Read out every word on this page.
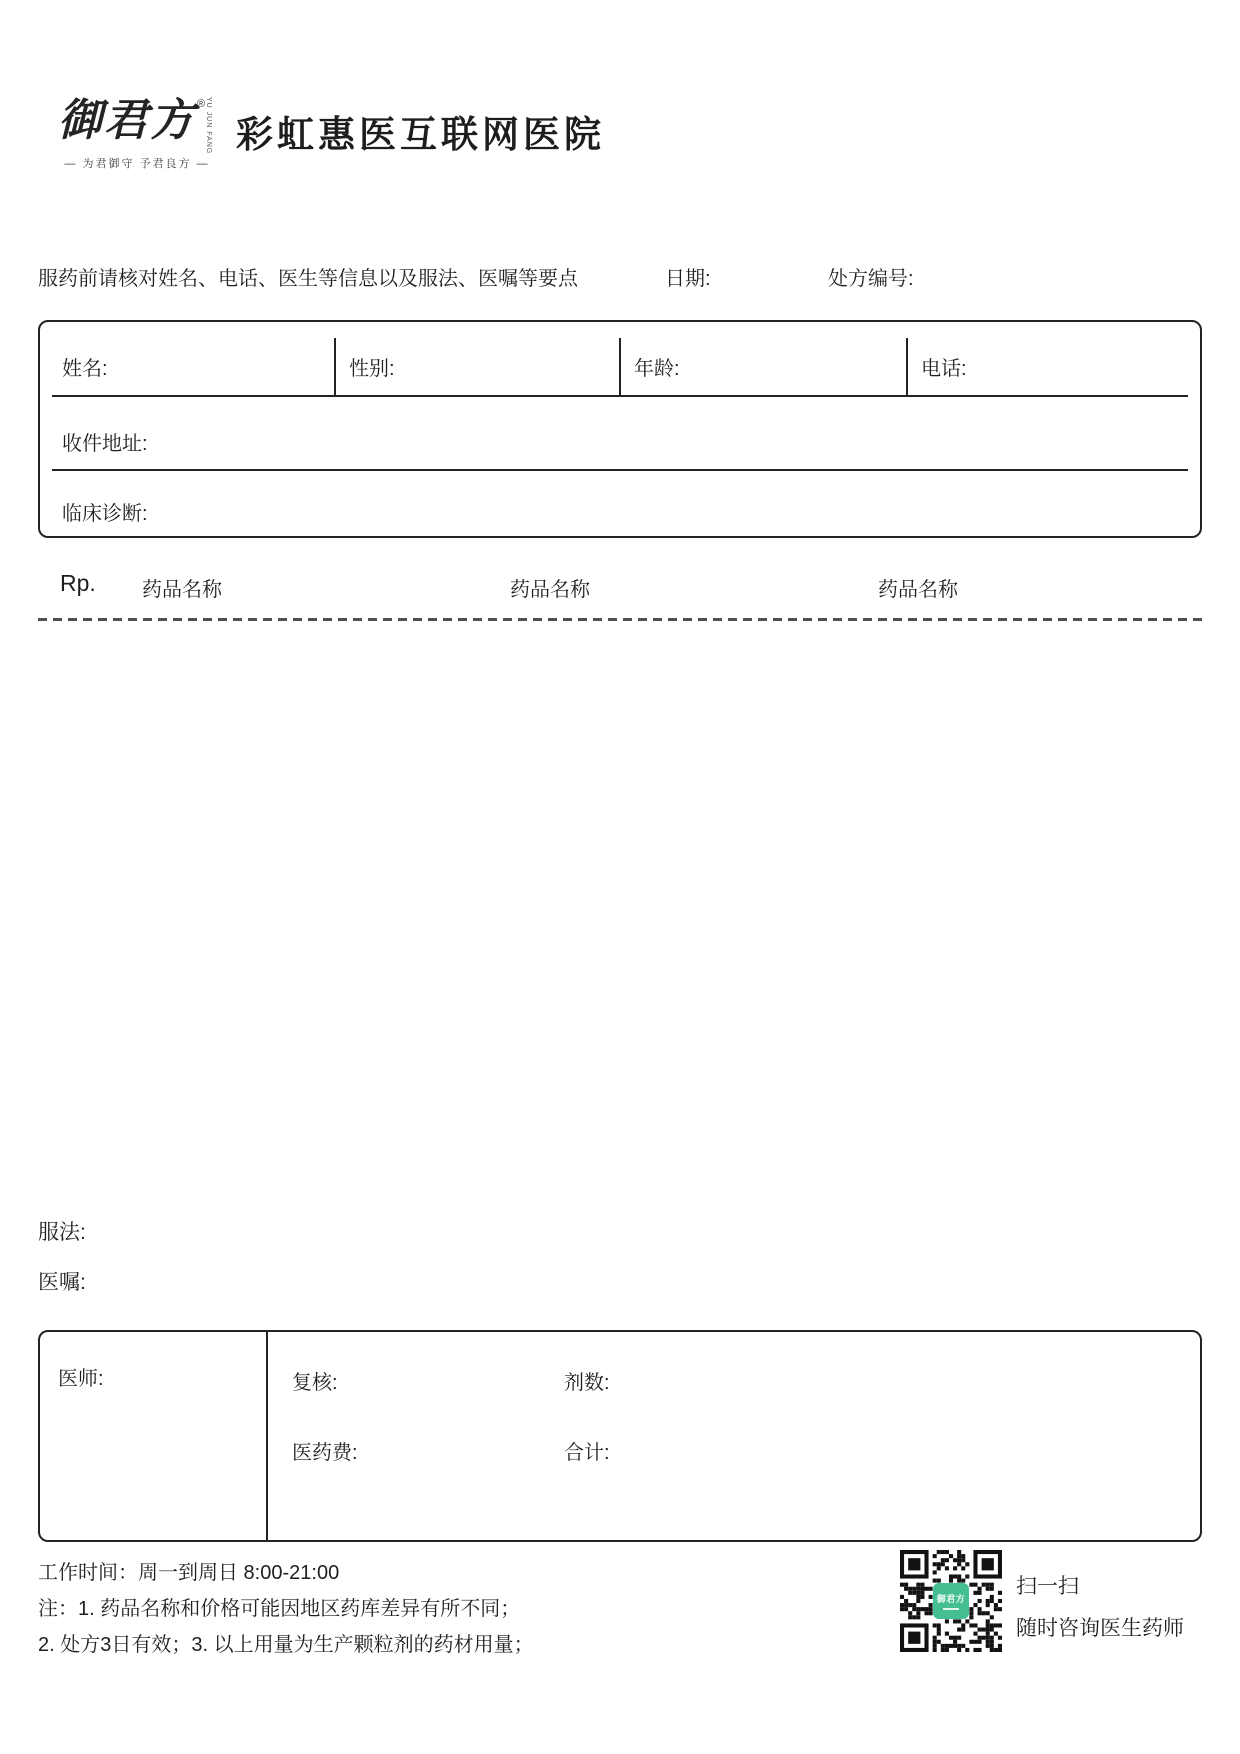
御君方®YU JUN FANG
— 为君御守 予君良方 —
彩虹惠医互联网医院
服药前请核对姓名、电话、医生等信息以及服法、医嘱等要点	日期:	处方编号:
姓名:	性别:	年龄:	电话:
收件地址:
临床诊断:
Rp. 药品名称	药品名称	药品名称
服法:
医嘱:
医师:	复核:	剂数:
医药费:	合计:
工作时间：周一到周日 8:00-21:00
注：1. 药品名称和价格可能因地区药库差异有所不同；
2. 处方3日有效；3. 以上用量为生产颗粒剂的药材用量；
御君方
扫一扫
随时咨询医生药师
